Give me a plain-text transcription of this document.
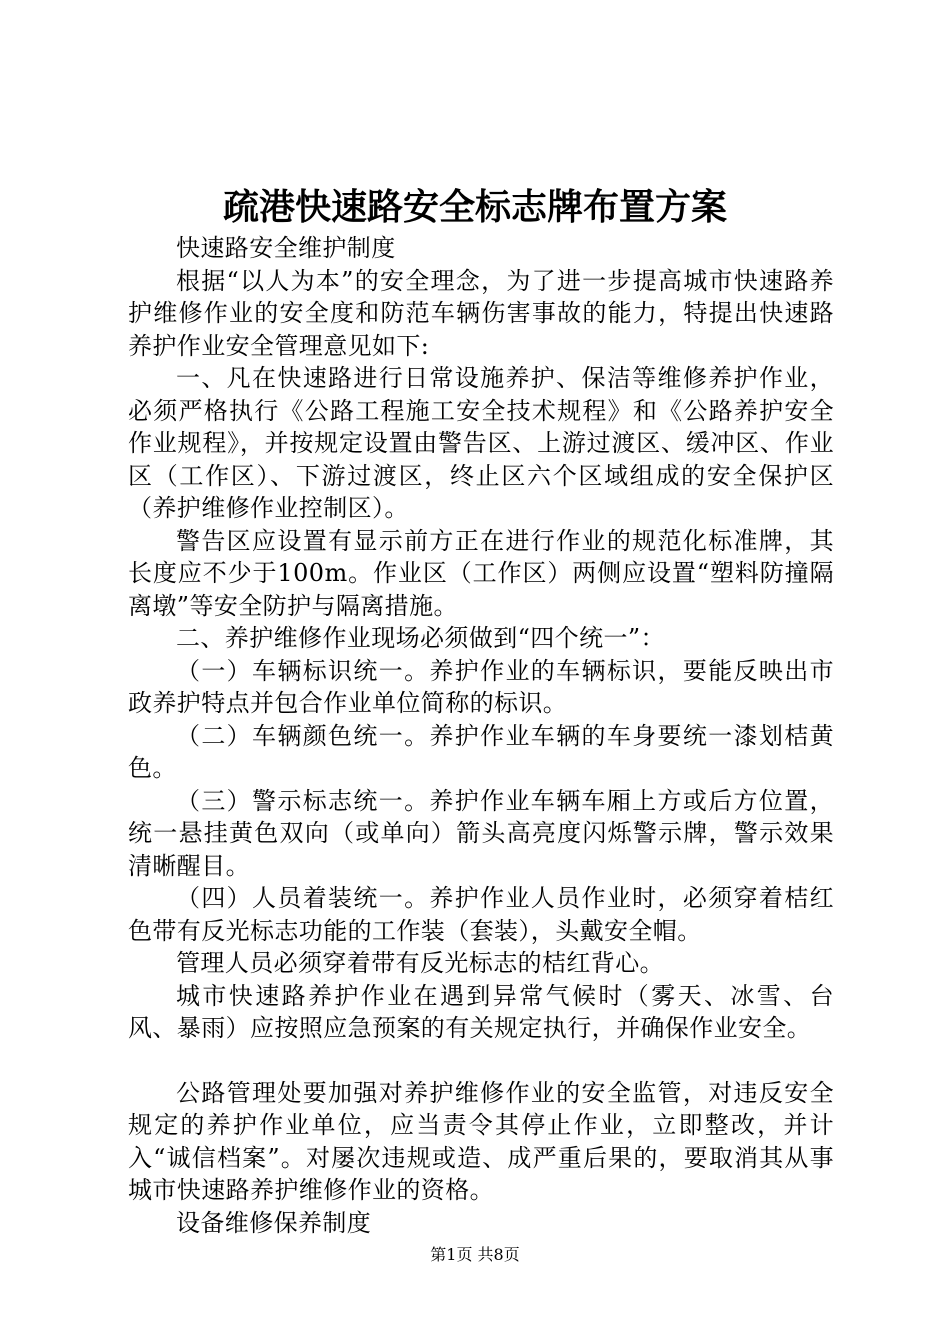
疏港快速路安全标志牌布置方案

快速路安全维护制度

根据“以人为本”的安全理念，为了进一步提高城市快速路养护维修作业的安全度和防范车辆伤害事故的能力，特提出快速路养护作业安全管理意见如下:

一、凡在快速路进行日常设施养护、保洁等维修养护作业，必须严格执行《公路工程施工安全技术规程》和《公路养护安全作业规程》，并按规定设置由警告区、上游过渡区、缓冲区、作业区（工作区）、下游过渡区，终止区六个区域组成的安全保护区（养护维修作业控制区）。

警告区应设置有显示前方正在进行作业的规范化标准牌，其长度应不少于100m。作业区（工作区）两侧应设置“塑料防撞隔离墩”等安全防护与隔离措施。

二、养护维修作业现场必须做到“四个统一”：

（一）车辆标识统一。养护作业的车辆标识，要能反映出市政养护特点并包合作业单位简称的标识。

（二）车辆颜色统一。养护作业车辆的车身要统一漆划桔黄色。

（三）警示标志统一。养护作业车辆车厢上方或后方位置，统一悬挂黄色双向（或单向）箭头高亮度闪烁警示牌，警示效果清晰醒目。

（四）人员着装统一。养护作业人员作业时，必须穿着桔红色带有反光标志功能的工作装（套装），头戴安全帽。

管理人员必须穿着带有反光标志的桔红背心。

城市快速路养护作业在遇到异常气候时（雾天、冰雪、台风、暴雨）应按照应急预案的有关规定执行，并确保作业安全。

公路管理处要加强对养护维修作业的安全监管，对违反安全规定的养护作业单位，应当责令其停止作业，立即整改，并计入“诚信档案”。对屡次违规或造、成严重后果的，要取消其从事城市快速路养护维修作业的资格。

设备维修保养制度

第1页 共8页
